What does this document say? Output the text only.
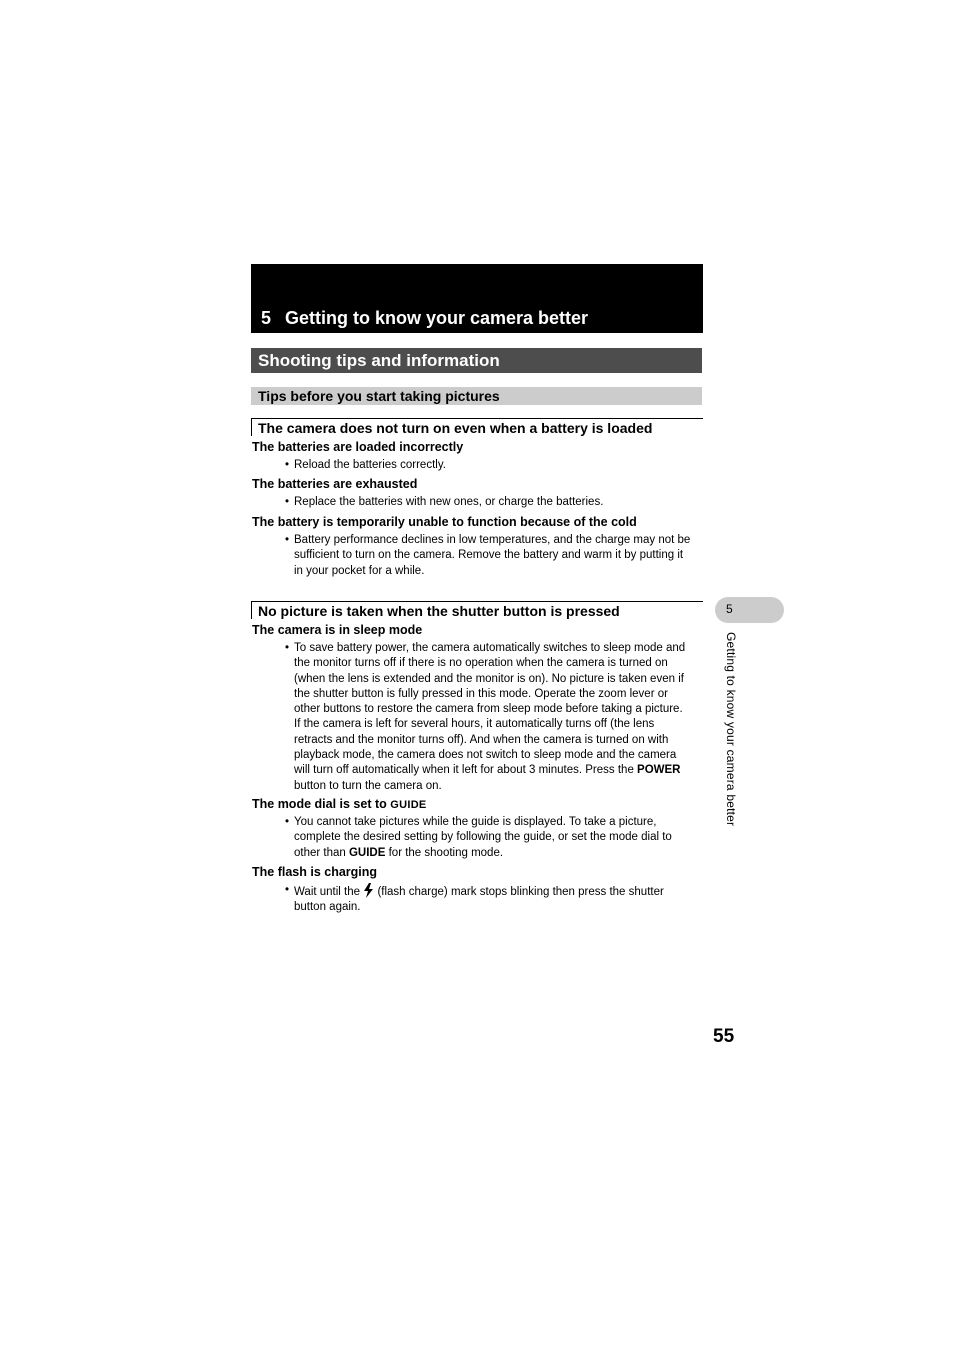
5 Getting to know your camera better
Shooting tips and information
Tips before you start taking pictures
The camera does not turn on even when a battery is loaded
The batteries are loaded incorrectly
• Reload the batteries correctly.
The batteries are exhausted
• Replace the batteries with new ones, or charge the batteries.
The battery is temporarily unable to function because of the cold
• Battery performance declines in low temperatures, and the charge may not be
sufficient to turn on the camera. Remove the battery and warm it by putting it
in your pocket for a while.
No picture is taken when the shutter button is pressed
The camera is in sleep mode
• To save battery power, the camera automatically switches to sleep mode and
the monitor turns off if there is no operation when the camera is turned on
(when the lens is extended and the monitor is on). No picture is taken even if
the shutter button is fully pressed in this mode. Operate the zoom lever or
other buttons to restore the camera from sleep mode before taking a picture.
If the camera is left for several hours, it automatically turns off (the lens
retracts and the monitor turns off). And when the camera is turned on with
playback mode, the camera does not switch to sleep mode and the camera
will turn off automatically when it left for about 3 minutes. Press the POWER
button to turn the camera on.
The mode dial is set to GUIDE
• You cannot take pictures while the guide is displayed. To take a picture,
complete the desired setting by following the guide, or set the mode dial to
other than GUIDE for the shooting mode.
The flash is charging
• Wait until the  (flash charge) mark stops blinking then press the shutter
button again.
5
Getting to know your camera better
55
